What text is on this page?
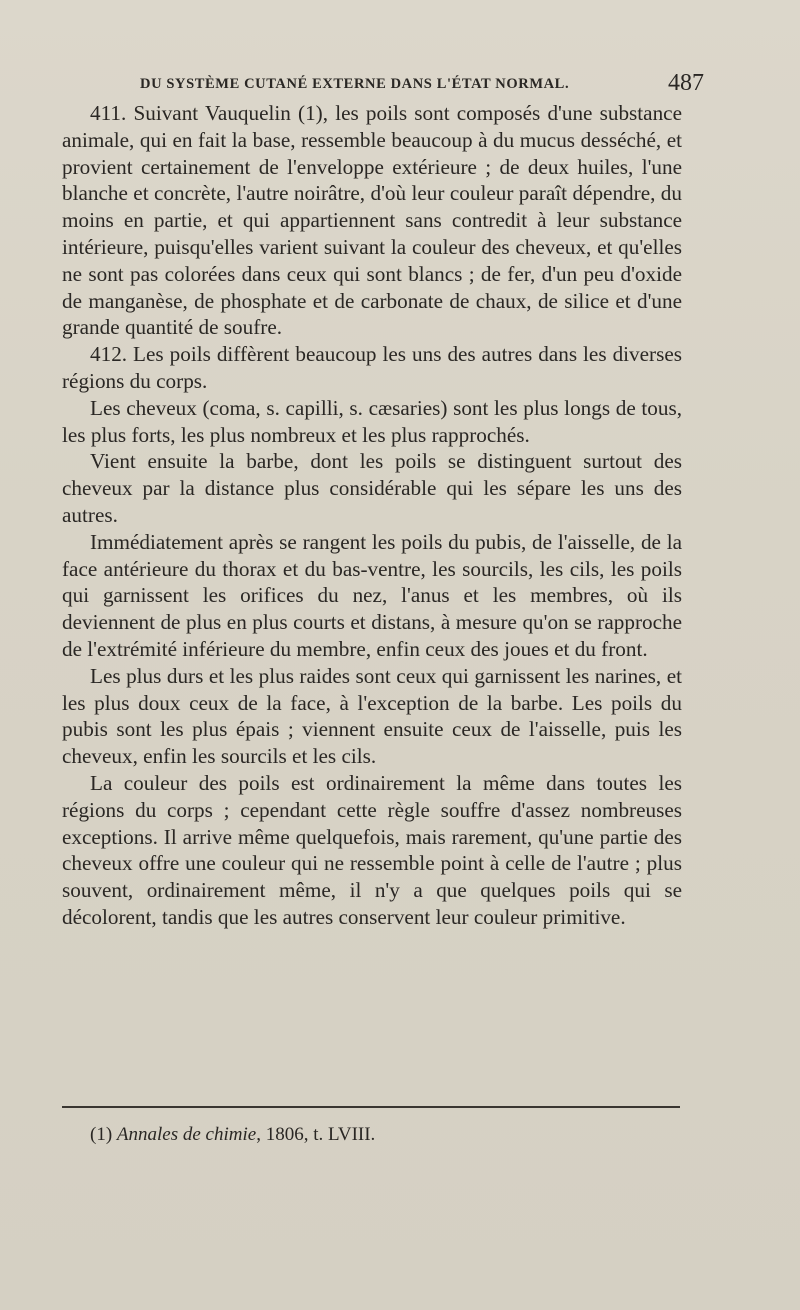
DU SYSTÈME CUTANÉ EXTERNE DANS L'ÉTAT NORMAL.	487

411. Suivant Vauquelin (1), les poils sont composés d'une substance animale, qui en fait la base, ressemble beaucoup à du mucus desséché, et provient certainement de l'enveloppe extérieure ; de deux huiles, l'une blanche et concrète, l'autre noirâtre, d'où leur couleur paraît dépendre, du moins en partie, et qui appartiennent sans contredit à leur substance intérieure, puisqu'elles varient suivant la couleur des cheveux, et qu'elles ne sont pas colorées dans ceux qui sont blancs ; de fer, d'un peu d'oxide de manganèse, de phosphate et de carbonate de chaux, de silice et d'une grande quantité de soufre.

412. Les poils diffèrent beaucoup les uns des autres dans les diverses régions du corps.

Les cheveux (coma, s. capilli, s. cæsaries) sont les plus longs de tous, les plus forts, les plus nombreux et les plus rapprochés.

Vient ensuite la barbe, dont les poils se distinguent surtout des cheveux par la distance plus considérable qui les sépare les uns des autres.

Immédiatement après se rangent les poils du pubis, de l'aisselle, de la face antérieure du thorax et du bas-ventre, les sourcils, les cils, les poils qui garnissent les orifices du nez, l'anus et les membres, où ils deviennent de plus en plus courts et distans, à mesure qu'on se rapproche de l'extrémité inférieure du membre, enfin ceux des joues et du front.

Les plus durs et les plus raides sont ceux qui garnissent les narines, et les plus doux ceux de la face, à l'exception de la barbe. Les poils du pubis sont les plus épais ; viennent ensuite ceux de l'aisselle, puis les cheveux, enfin les sourcils et les cils.

La couleur des poils est ordinairement la même dans toutes les régions du corps ; cependant cette règle souffre d'assez nombreuses exceptions. Il arrive même quelquefois, mais rarement, qu'une partie des cheveux offre une couleur qui ne ressemble point à celle de l'autre ; plus souvent, ordinairement même, il n'y a que quelques poils qui se décolorent, tandis que les autres conservent leur couleur primitive.

(1) Annales de chimie, 1806, t. LVIII.
